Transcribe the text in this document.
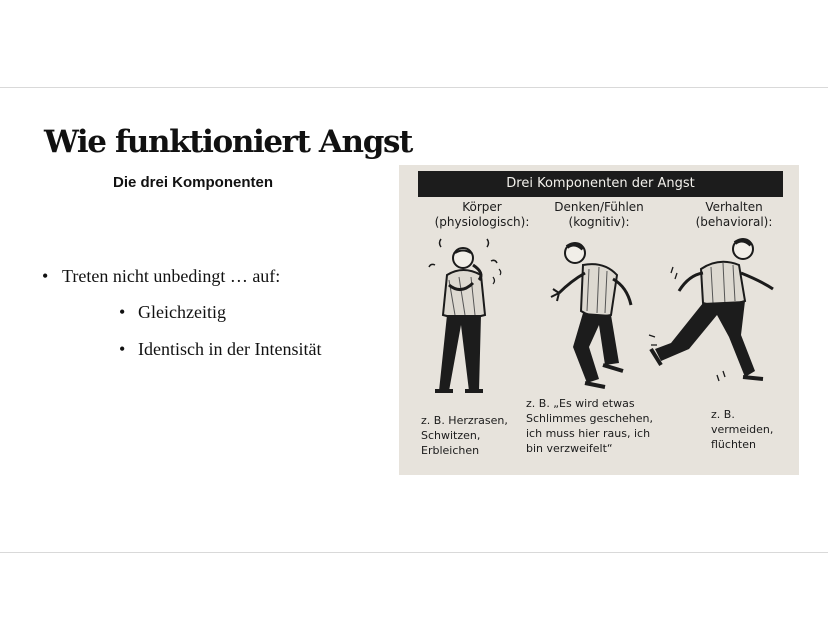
Wie funktioniert Angst
Die drei Komponenten
• Treten nicht unbedingt … auf:
• Gleichzeitig
• Identisch in der Intensität
Drei Komponenten der Angst
Körper
(physiologisch):
Denken/Fühlen
(kognitiv):
Verhalten
(behavioral):
z. B. Herzrasen,
Schwitzen,
Erbleichen
z. B. „Es wird etwas
Schlimmes geschehen,
ich muss hier raus, ich
bin verzweifelt“
z. B.
vermeiden,
flüchten
